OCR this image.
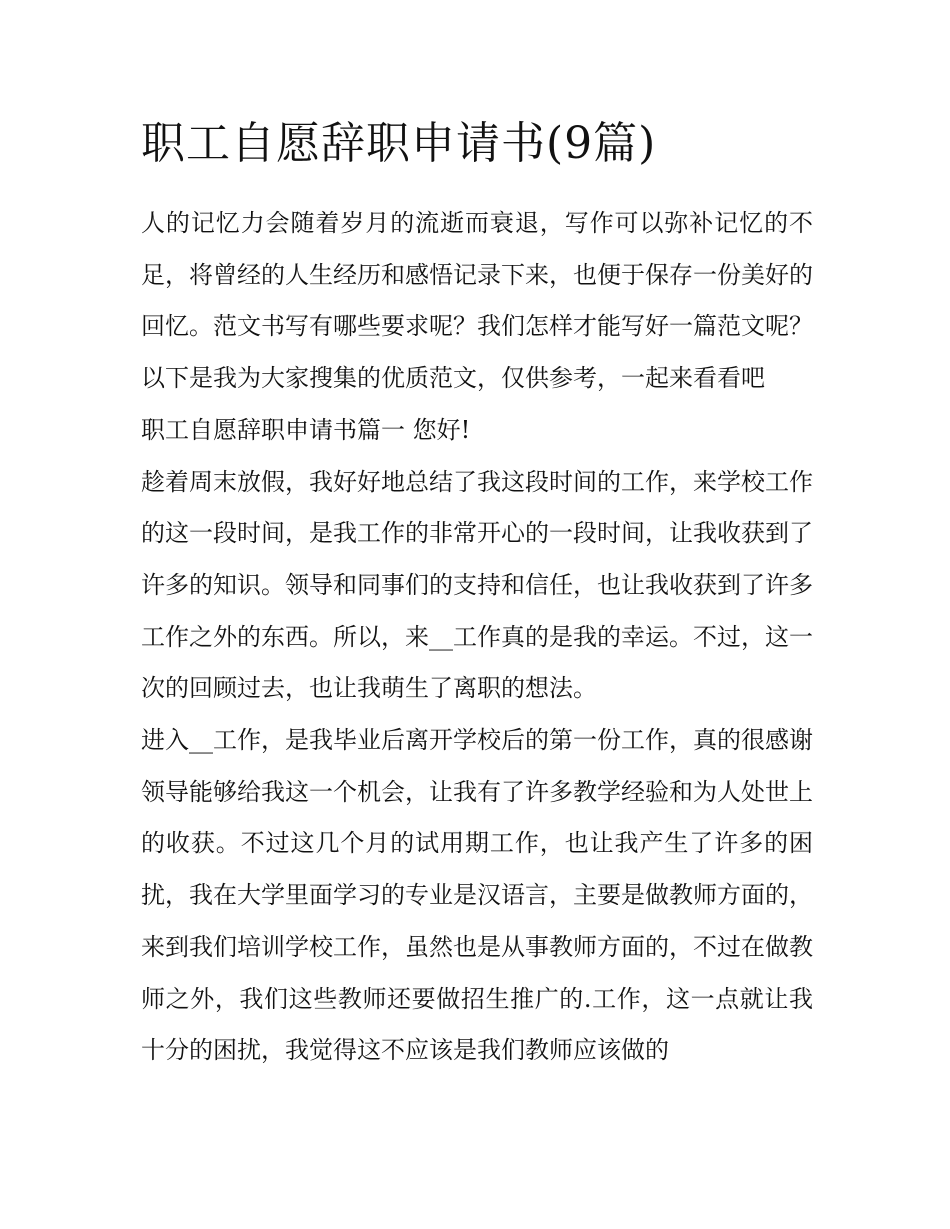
职工自愿辞职申请书(9篇)

人的记忆力会随着岁月的流逝而衰退，写作可以弥补记忆的不足，将曾经的人生经历和感悟记录下来，也便于保存一份美好的回忆。范文书写有哪些要求呢？我们怎样才能写好一篇范文呢？以下是我为大家搜集的优质范文，仅供参考，一起来看看吧

职工自愿辞职申请书篇一 您好!

趁着周末放假，我好好地总结了我这段时间的工作，来学校工作的这一段时间，是我工作的非常开心的一段时间，让我收获到了许多的知识。领导和同事们的支持和信任，也让我收获到了许多工作之外的东西。所以，来__工作真的是我的幸运。不过，这一次的回顾过去，也让我萌生了离职的想法。

进入__工作，是我毕业后离开学校后的第一份工作，真的很感谢领导能够给我这一个机会，让我有了许多教学经验和为人处世上的收获。不过这几个月的试用期工作，也让我产生了许多的困扰，我在大学里面学习的专业是汉语言，主要是做教师方面的，来到我们培训学校工作，虽然也是从事教师方面的，不过在做教师之外，我们这些教师还要做招生推广的.工作，这一点就让我十分的困扰，我觉得这不应该是我们教师应该做的
